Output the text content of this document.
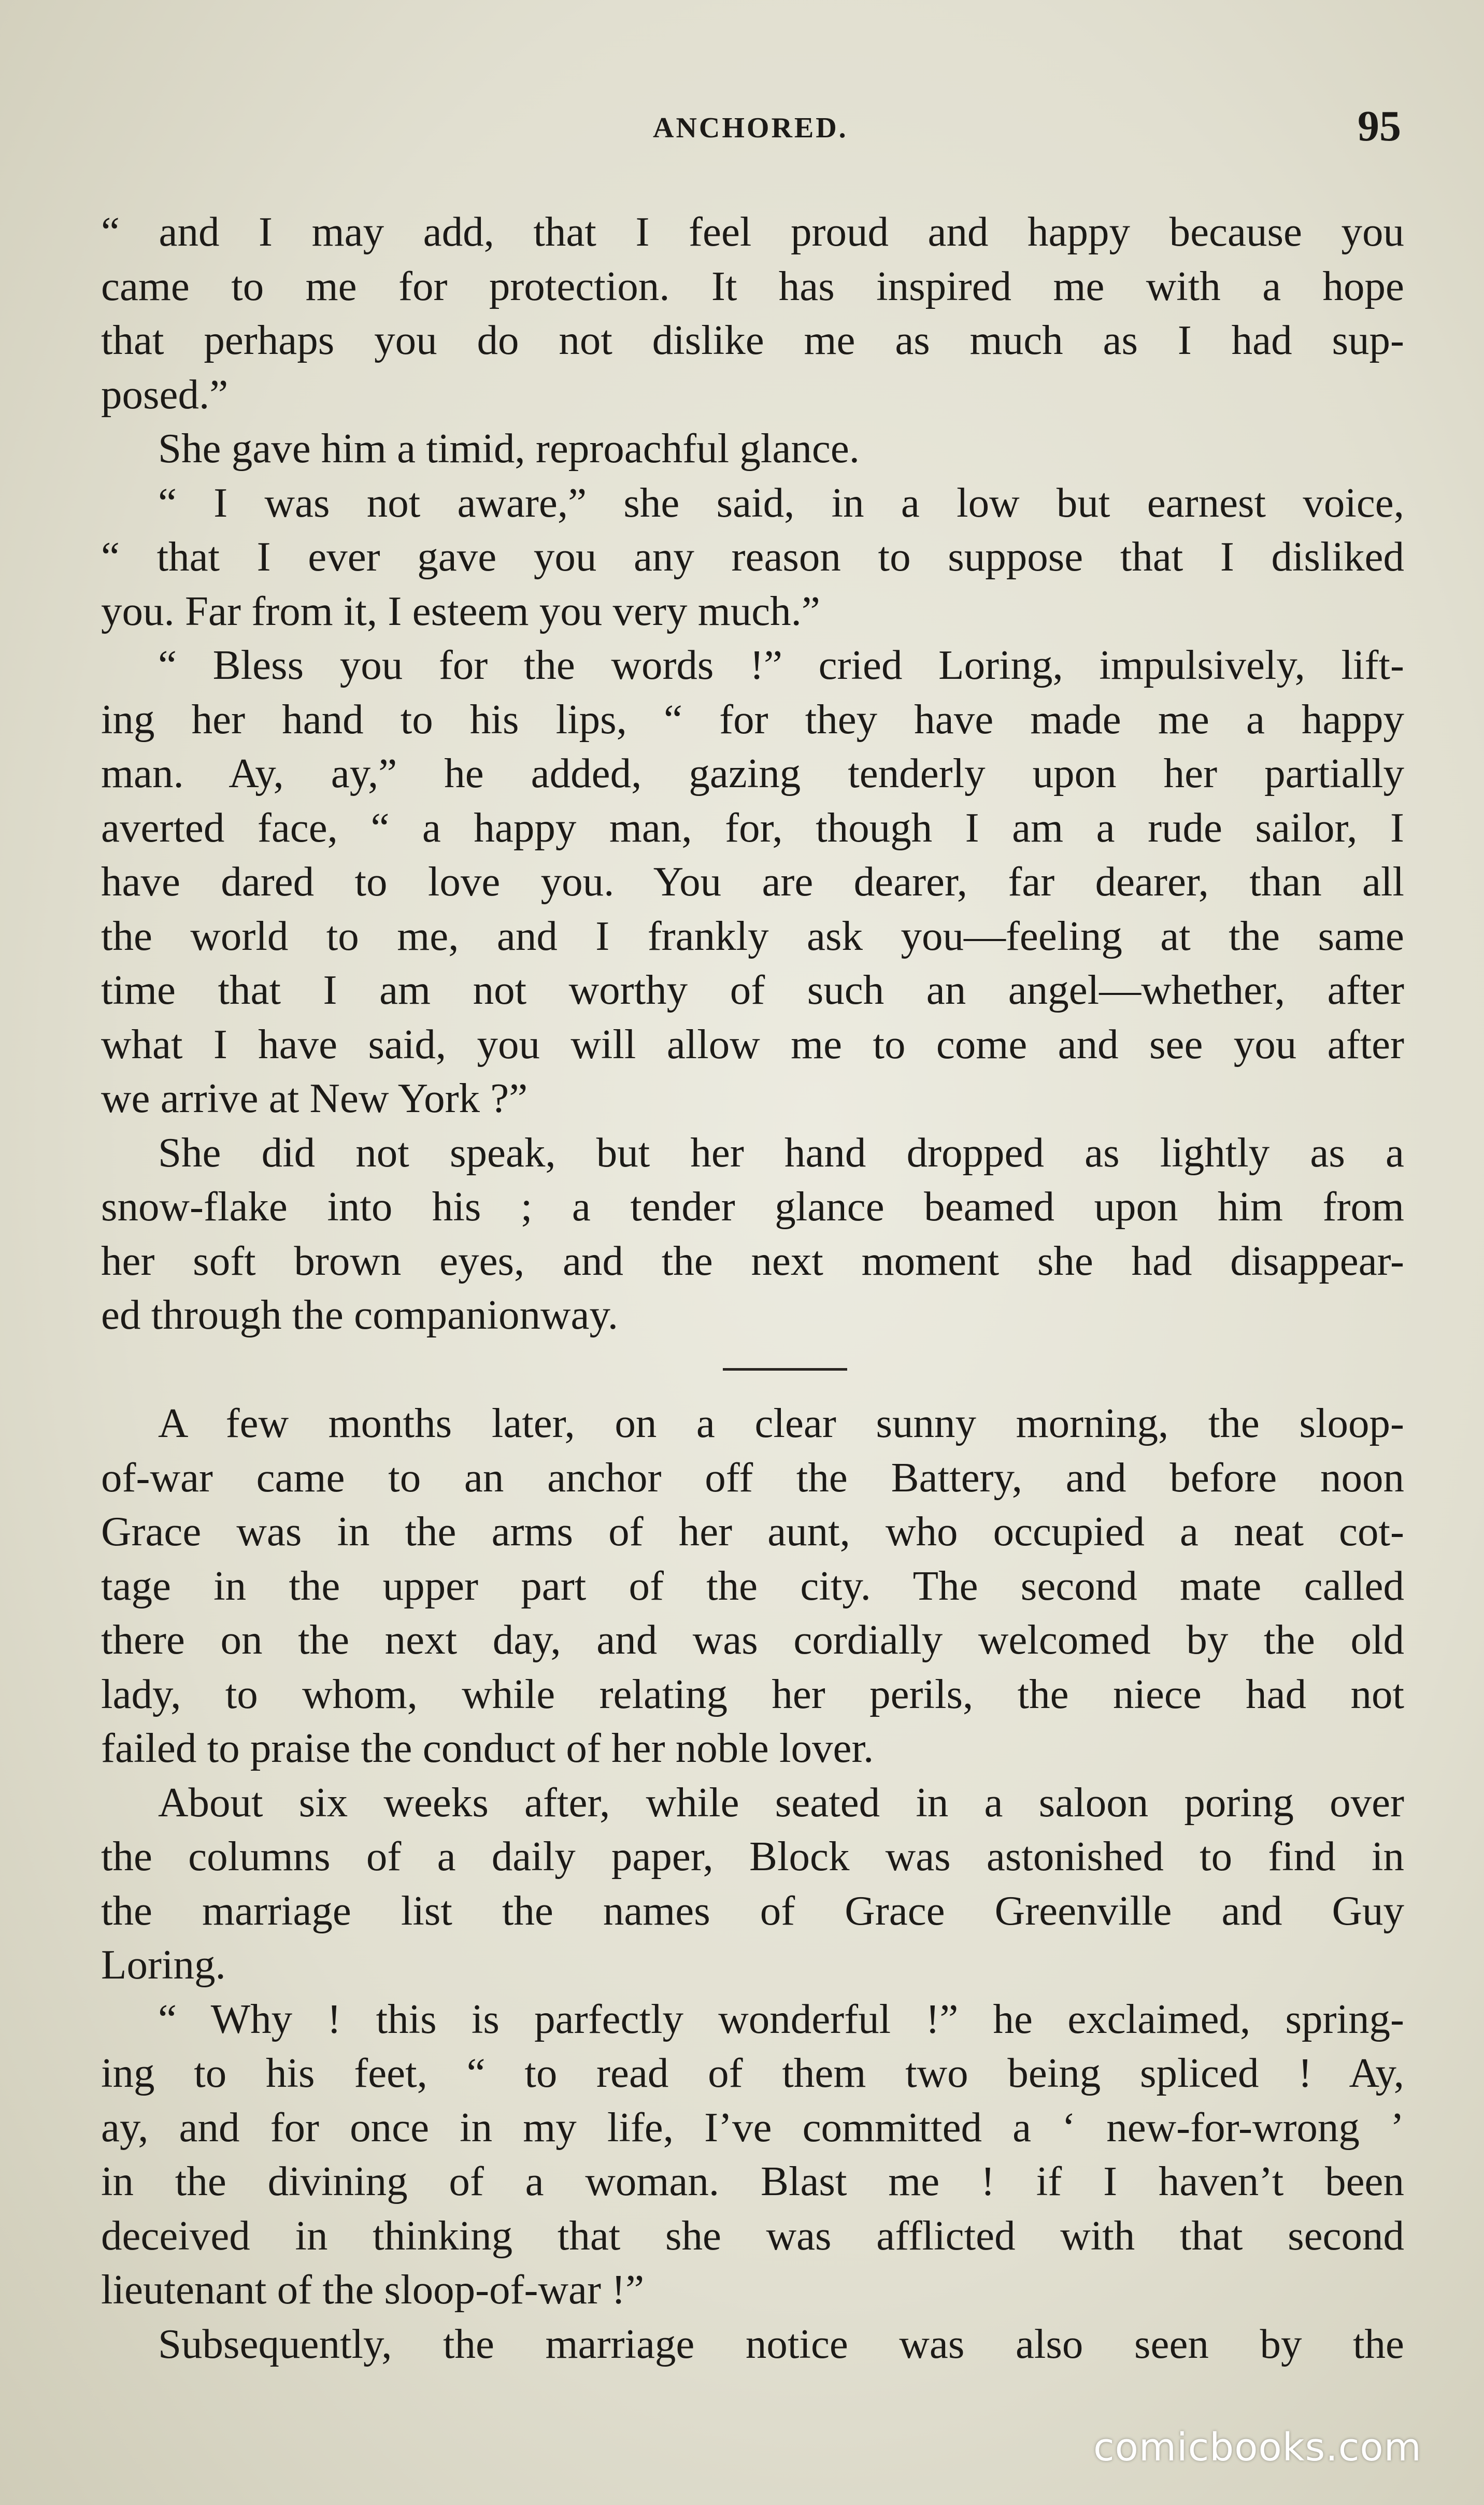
ANCHORED.	95

“ and I may add, that I feel proud and happy because you

came to me for protection. It has inspired me with a hope

that perhaps you do not dislike me as much as I had sup-

posed.”

She gave him a timid, reproachful glance.

“ I was not aware,” she said, in a low but earnest voice,

“ that I ever gave you any reason to suppose that I disliked

you. Far from it, I esteem you very much.”

“ Bless you for the words !” cried Loring, impulsively, lift-

ing her hand to his lips, “ for they have made me a happy

man. Ay, ay,” he added, gazing tenderly upon her partially

averted face, “ a happy man, for, though I am a rude sailor, I

have dared to love you. You are dearer, far dearer, than all

the world to me, and I frankly ask you—feeling at the same

time that I am not worthy of such an angel—whether, after

what I have said, you will allow me to come and see you after

we arrive at New York ?”

She did not speak, but her hand dropped as lightly as a

snow-flake into his ; a tender glance beamed upon him from

her soft brown eyes, and the next moment she had disappear-

ed through the companionway.

A few months later, on a clear sunny morning, the sloop-

of-war came to an anchor off the Battery, and before noon

Grace was in the arms of her aunt, who occupied a neat cot-

tage in the upper part of the city. The second mate called

there on the next day, and was cordially welcomed by the old

lady, to whom, while relating her perils, the niece had not

failed to praise the conduct of her noble lover.

About six weeks after, while seated in a saloon poring over

the columns of a daily paper, Block was astonished to find in

the marriage list the names of Grace Greenville and Guy

Loring.

“ Why ! this is parfectly wonderful !” he exclaimed, spring-

ing to his feet, “ to read of them two being spliced ! Ay,

ay, and for once in my life, I’ve committed a ‘ new-for-wrong ’

in the divining of a woman. Blast me ! if I haven’t been

deceived in thinking that she was afflicted with that second

lieutenant of the sloop-of-war !”

Subsequently, the marriage notice was also seen by the

comicbooks.com
